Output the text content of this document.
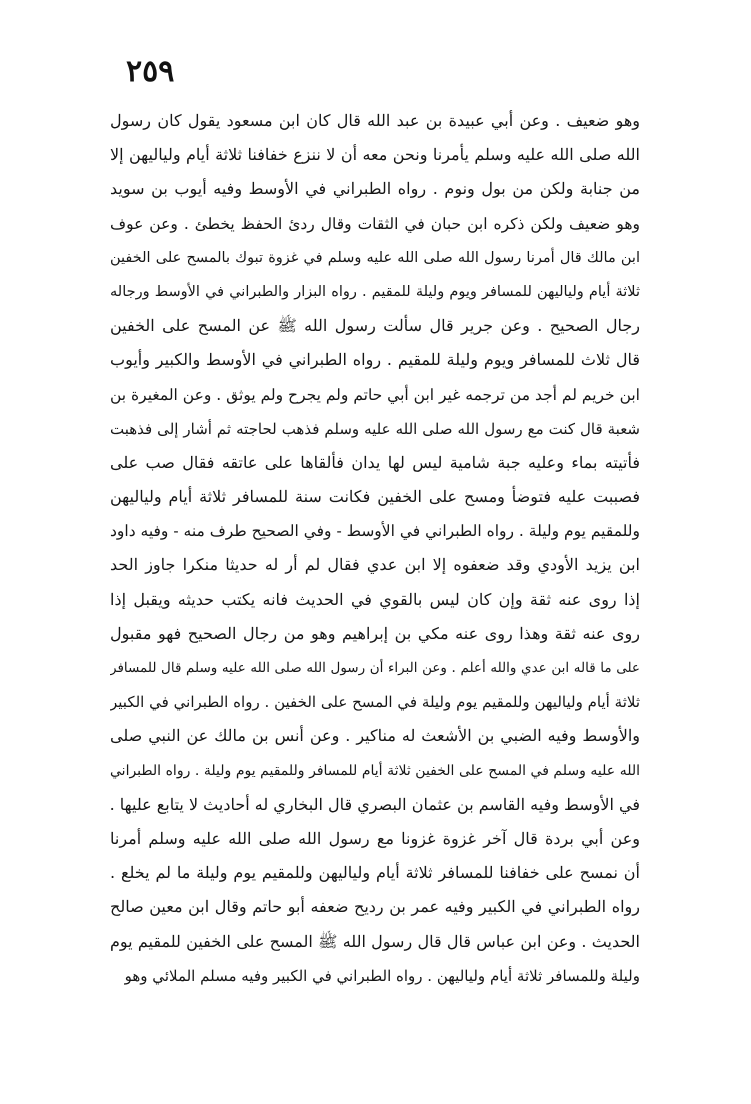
٢٥٩
وهو ضعيف . وعن أبي عبيدة بن عبد الله قال كان ابن مسعود يقول كان رسول
الله صلى الله عليه وسلم يأمرنا ونحن معه أن لا ننزع خفافنا ثلاثة أيام ولياليهن إلا
من جنابة ولكن من بول ونوم . رواه الطبراني في الأوسط وفيه أيوب بن سويد
وهو ضعيف ولكن ذكره ابن حبان في الثقات وقال ردئ الحفظ يخطئ . وعن عوف
ابن مالك قال أمرنا رسول الله صلى الله عليه وسلم في غزوة تبوك بالمسح على الخفين
ثلاثة أيام ولياليهن للمسافر ويوم وليلة للمقيم . رواه البزار والطبراني في الأوسط ورجاله
رجال الصحيح . وعن جرير قال سألت رسول الله ﷺ عن المسح على الخفين
قال ثلاث للمسافر ويوم وليلة للمقيم . رواه الطبراني في الأوسط والكبير وأيوب
ابن خريم لم أجد من ترجمه غير ابن أبي حاتم ولم يجرح ولم يوثق . وعن المغيرة بن
شعبة قال كنت مع رسول الله صلى الله عليه وسلم فذهب لحاجته ثم أشار إلى فذهبت
فأتيته بماء وعليه جبة شامية ليس لها يدان فألقاها على عاتقه فقال صب على
فصببت عليه فتوضأ ومسح على الخفين فكانت سنة للمسافر ثلاثة أيام ولياليهن
وللمقيم يوم وليلة . رواه الطبراني في الأوسط - وفي الصحيح طرف منه - وفيه داود
ابن يزيد الأودي وقد ضعفوه إلا ابن عدي فقال لم أر له حديثا منكرا جاوز الحد
إذا روى عنه ثقة وإن كان ليس بالقوي في الحديث فانه يكتب حديثه ويقبل إذا
روى عنه ثقة وهذا روى عنه مكي بن إبراهيم وهو من رجال الصحيح فهو مقبول
على ما قاله ابن عدي والله أعلم . وعن البراء أن رسول الله صلى الله عليه وسلم قال للمسافر
ثلاثة أيام ولياليهن وللمقيم يوم وليلة في المسح على الخفين . رواه الطبراني في الكبير
والأوسط وفيه الضبي بن الأشعث له مناكير . وعن أنس بن مالك عن النبي صلى
الله عليه وسلم في المسح على الخفين ثلاثة أيام للمسافر وللمقيم يوم وليلة . رواه الطبراني
في الأوسط وفيه القاسم بن عثمان البصري قال البخاري له أحاديث لا يتابع عليها .
وعن أبي بردة قال آخر غزوة غزونا مع رسول الله صلى الله عليه وسلم أمرنا
أن نمسح على خفافنا للمسافر ثلاثة أيام ولياليهن وللمقيم يوم وليلة ما لم يخلع .
رواه الطبراني في الكبير وفيه عمر بن رديح ضعفه أبو حاتم وقال ابن معين صالح
الحديث . وعن ابن عباس قال قال رسول الله ﷺ المسح على الخفين للمقيم يوم
وليلة وللمسافر ثلاثة أيام ولياليهن . رواه الطبراني في الكبير وفيه مسلم الملائي وهو
